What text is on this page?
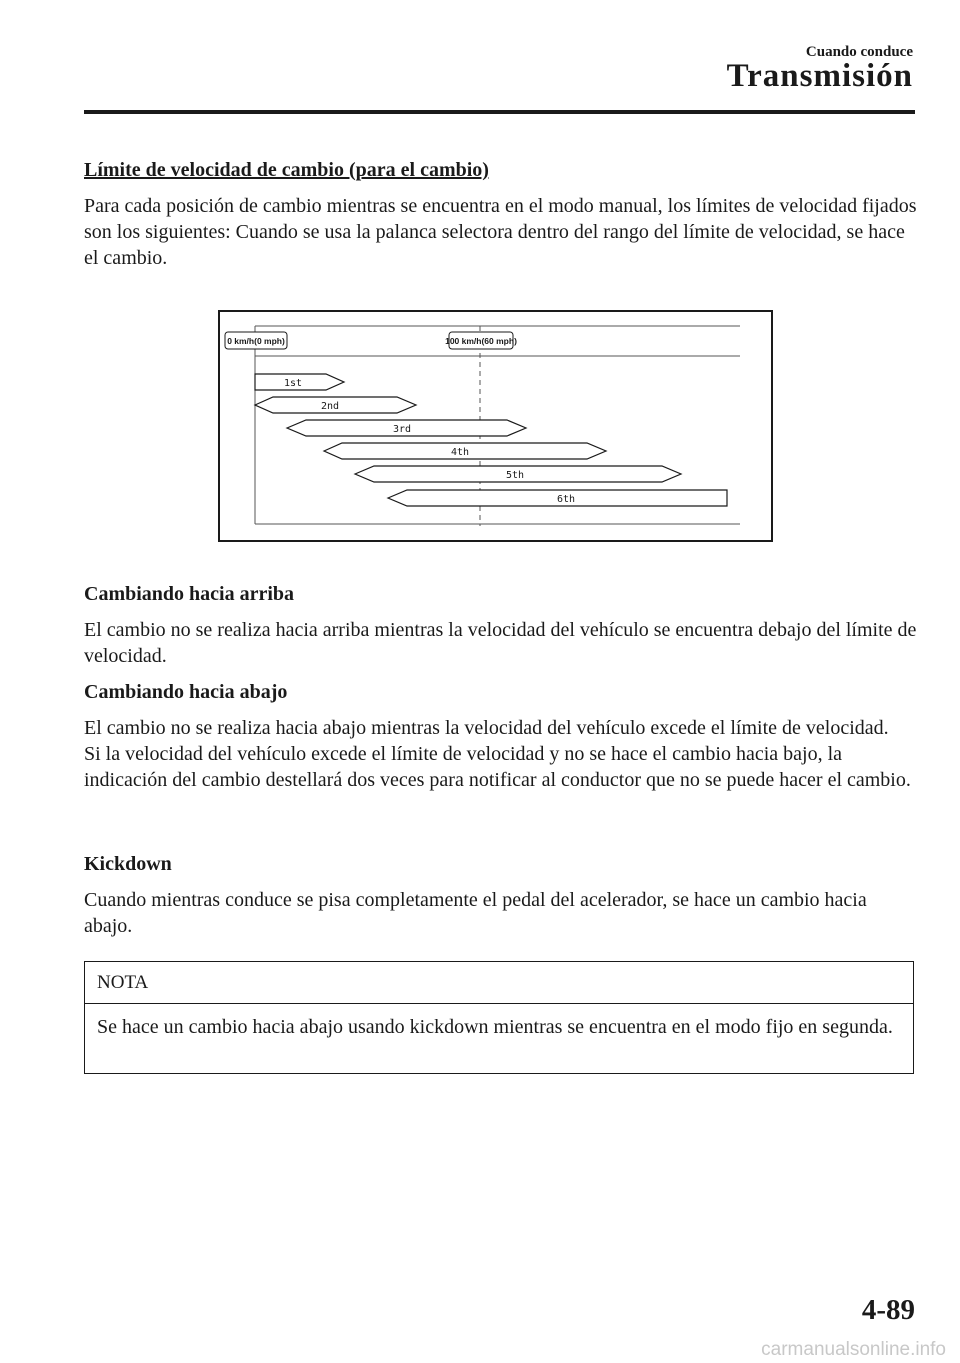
Cuando conduce
Transmisión
Límite de velocidad de cambio (para el cambio)

Para cada posición de cambio mientras se encuentra en el modo manual, los límites de velocidad fijados son los siguientes: Cuando se usa la palanca selectora dentro del rango del límite de velocidad, se hace el cambio.

0 km/h(0 mph)	100 km/h(60 mph)
1st
2nd
3rd
4th
5th
6th
Cambiando hacia arriba

El cambio no se realiza hacia arriba mientras la velocidad del vehículo se encuentra debajo del límite de velocidad.

Cambiando hacia abajo
El cambio no se realiza hacia abajo mientras la velocidad del vehículo excede el límite de velocidad.
Si la velocidad del vehículo excede el límite de velocidad y no se hace el cambio hacia bajo, la indicación del cambio destellará dos veces para notificar al conductor que no se puede hacer el cambio.
Kickdown

Cuando mientras conduce se pisa completamente el pedal del acelerador, se hace un cambio hacia abajo.

NOTA
Se hace un cambio hacia abajo usando kickdown mientras se encuentra en el modo fijo en segunda.
4-89
carmanualsonline.info
